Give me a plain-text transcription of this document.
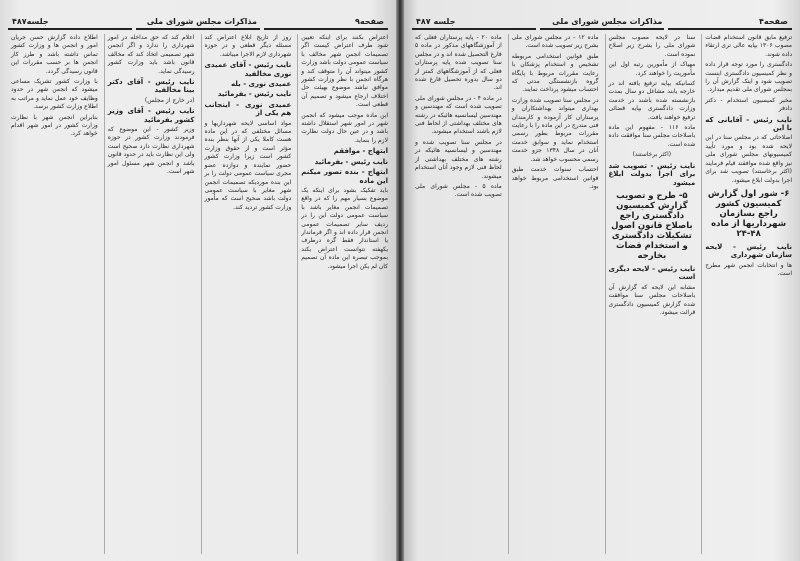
جلسه۴۸۷	مذاکرات مجلس شورای ملی	صفحه۹

اعتراض بکنند برای اینکه تعیین شود طرف اعتراض کیست اگر تصمیمات انجمن شهر مخالف با سیاست عمومی دولت باشد وزارت کشور میتواند آن را متوقف کند و هرگاه انجمن با نظر وزارت کشور موافق نباشد موضوع بهیئت حل اختلاف ارجاع میشود و تصمیم آن قطعی است.

این ماده موجب میشود که انجمن شهر در امور شهر استقلال داشته باشد و در عین حال دولت نظارت لازم را بنماید.

ابتهاج - موافقم

نایب رئیس - بفرمائید

ابتهاج - بنده تصور میکنم این ماده

باید تفکیک بشود برای اینکه یک موضوع بسیار مهم را که در واقع تصمیمات انجمن مغایر باشد با سیاست عمومی دولت این را در ردیف سایر تصمیمات عمومی انجمن قرار داده اند و اگر فرماندار یا استاندار فقط گره درطرف یکهفته نتوانست اعتراض بکند بموجب تبصره این ماده آن تصمیم کان لم یکن اجرا میشود.

روز از تاریخ ابلاغ اعتراض کند مسئله دیگر قطعی و در حوزه شهرداری لازم الاجرا میباشد.

نایب رئیس - آقای عمیدی نوری مخالفید

عمیدی نوری - بله

نایب رئیس - بفرمائید

عمیدی نوری - اینجانب هم یکی از

مواد اساسی لایحه شهرداریها و مسائل مختلفی که در این ماده هست کاملا یکی از آنها بنظر بنده مؤثر است و از حقوق وزارت کشور است زیرا وزارت کشور حضور نماینده و دوازده عضو مجری سیاست عمومی دولت را بر این بنده موردیکه تصمیمات انجمن شهر مغایر با سیاست عمومی دولت باشد صحیح است که مأمور وزارت کشور تردید کند.

اعلام کند که حق مداخله در امور شهرداری را ندارد و اگر انجمن شهر تصمیمی اتخاذ کند که مخالف قانون باشد باید وزارت کشور رسیدگی نماید.

نایب رئیس - آقای دکتر بینا مخالفید

(در خارج از مجلس)

نایب رئیس - آقای وزیر کشور بفرمائید

وزیر کشور - این موضوع که فرمودند وزارت کشور در حوزه شهرداری نظارت دارد صحیح است ولی این نظارت باید در حدود قانون باشد و انجمن شهر مسئول امور شهر است.

اطلاع داده گزارش حسن جریان امور و انجمن ها و وزارت کشور تماس داشته باشد و طرز کار انجمن ها بر حسب مقررات این قانون رسیدگی گردد.

با وزارت کشور تشریک مساعی میشود که انجمن شهر در حدود وظایف خود عمل نماید و مراتب به اطلاع وزارت کشور برسد.

بنابراین انجمن شهر با نظارت وزارت کشور در امور شهر اقدام خواهد کرد.

جلسه ۴۸۷	مذاکرات مجلس شورای ملی	صفحه۴

ترفیع مایق قانون استخدام قضات مصوب ۱۳۰۶ بپایه عالی تری ارتقاء داده شوند.

دادگستری را مورد توجه قرار داده و نظر کمیسیون دادگستری اینست تصویب شود و اینک گزارش آن را بمجلس شورای ملی تقدیم میدارد.

مخبر کمیسیون استخدام - دکتر دادفر

نایب رئیس - آقایانی که با این

اصلاحاتی که در مجلس سنا در این لایحه شده بود و مورد تأیید کمیسیونهای مجلس شورای ملی نیز واقع شده موافقند قیام فرمایند (اکثر برخاستند) تصویب شد برای اجرا بدولت ابلاغ میشود.

۶- شور اول گزارش کمیسیون کشور راجع بسازمان شهرداریها از ماده ۴۸-۲۴

نایب رئیس - لایحه سازمان شهرداری

ها و انتخابات انجمن شهر مطرح است.

سنا در لایحه مصوب مجلس شورای ملی را بشرح زیر اصلاح نموده است.

مهیاک از مأمورین رتبه اول این مأموریت را خواهند کرد.

کسانیکه بپایه ترفیع یافته اند در خارجه یابند مشاغل دو سال بمدت بازنشسته شده باشند در خدمت وزارت دادگستری بپایه قضائی ترفیع خواهند یافت.

ماده ۱۱۶ - مفهوم این ماده باصلاحات مجلس سنا موافقت داده شده است.

(اکثر برخاستند)

نایب رئیس - تصویب شد برای اجرا بدولت ابلاغ میشود

۵- طرح و تصویب گزارش کمیسیون دادگستری راجع باصلاح قانون اصول تشکیلات دادگستری و استخدام قضات بخارجه

نایب رئیس - لایحه دیگری است

مشابه این لایحه که گزارش آن باصلاحات مجلس سنا موافقت شده گزارش کمیسیون دادگستری قرائت میشود.

ماده ۱۲ - در مجلس شورای ملی بشرح زیر تصویب شده است.

طبق قوانین استخدامی مربوطه تشخیص و استخدام پزشکان با رعایت مقررات مربوط با پایگاه گروه بازنشستگی مدتی که احتساب میشود پرداخت نمایند.

در مجلس سنا تصویب شده وزارت بهداری میتواند بهداشتکاران و پرستاران کار آزموده و کارمندان فنی مندرج در این ماده را با رعایت مقررات مربوط بطور رسمی استخدام نماید و سوابق خدمت آنان در سال ۱۳۴۸ جزو خدمت رسمی محسوب خواهد شد.

احتساب سنوات خدمت طبق قوانین استخدامی مربوط خواهد بود.

ماده ۲۰ - پایه پرستاران فعلی که از آموزشگاههای مذکور در ماده ۵ فارغ التحصیل شده اند و در مجلس سنا تصویب شده پایه پرستاران فعلی که از آموزشگاههای کمتر از دو سال بدوره تحصیل فارغ شده اند.

در ماده ۴ - در مجلس شورای ملی تصویب شده است که مهندسین و مهندسین لیسانسیه هائیکه در رشته های مختلف بهداشتی از لحاظ فنی لازم باشند استخدام میشوند.

در مجلس سنا تصویب شده و مهندسین و لیسانسیه هائیکه در رشته های مختلف بهداشتی از لحاظ فنی لازم وجود آنان استخدام میشوند.

ماده ۵ - مجلس شورای ملی تصویب شده است.
